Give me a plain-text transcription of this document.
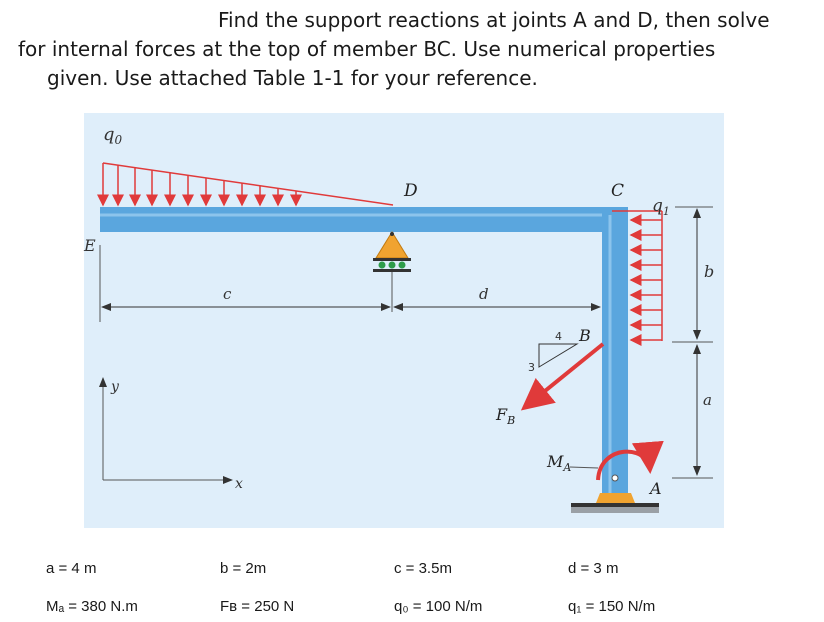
Find the support reactions at joints A and D, then solve
for internal forces at the top of member BC. Use numerical properties
given. Use attached Table 1-1 for your reference.
$q_0$
D
c	d
E
C
$q_1$
b
a
4
3
B
$F_B$
$M_A$
A
y
x
a = 4 m	b = 2m	c = 3.5m	d = 3 m
Mₐ = 380 N.m	Fʙ = 250 N	q₀ = 100 N/m	q₁ = 150 N/m
